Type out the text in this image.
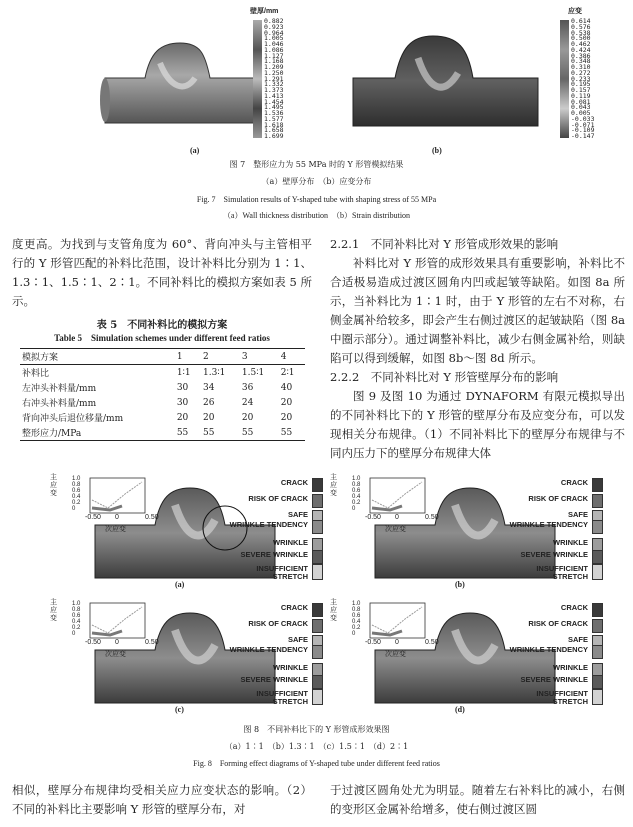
壁厚/mm
0.882
0.923
0.964
1.005
1.046
1.086
1.127
1.168
1.209
1.250
1.291
1.332
1.373
1.413
1.454
1.495
1.536
1.577
1.618
1.658
1.699
(a)
应变
0.614
0.576
0.538
0.500
0.462
0.424
0.386
0.348
0.310
0.272
0.233
0.195
0.157
0.119
0.081
0.043
0.005
-0.033
-0.071
-0.109
-0.147
(b)
图 7　整形应力为 55 MPa 时的 Y 形管模拟结果
（a）壁厚分布　（b）应变分布
Fig. 7　Simulation results of Y-shaped tube with shaping stress of 55 MPa
（a）Wall thickness distribution　（b）Strain distribution
度更高。为找到与支管角度为 60°、背向冲头与主管相平行的 Y 形管匹配的补料比范围，设计补料比分别为 1∶1、1.3∶1、1.5∶1、2∶1。不同补料比的模拟方案如表 5 所示。
表 5　不同补料比的模拟方案
Table 5　Simulation schemes under different feed ratios
模拟方案	1	2	3	4
补料比	1∶1	1.3∶1	1.5∶1	2∶1
左冲头补料量/mm	30	34	36	40
右冲头补料量/mm	30	26	24	20
背向冲头后退位移量/mm	20	20	20	20
整形应力/MPa	55	55	55	55
2.2.1　不同补料比对 Y 形管成形效果的影响
补料比对 Y 形管的成形效果具有重要影响，补料比不合适极易造成过渡区圆角内凹或起皱等缺陷。如图 8a 所示，当补料比为 1∶1 时，由于 Y 形管的左右不对称，右侧金属补给较多，即会产生右侧过渡区的起皱缺陷（图 8a 中圈示部分）。通过调整补料比，减少右侧金属补给，则缺陷可以得到缓解，如图 8b～图 8d 所示。
2.2.2　不同补料比对 Y 形管壁厚分布的影响
图 9 及图 10 为通过 DYNAFORM 有限元模拟导出的不同补料比下的 Y 形管的壁厚分布及应变分布，可以发现相关分布规律。（1）不同补料比下的壁厚分布规律与不同内压力下的壁厚分布规律大体
主应变
1.0
0.8
0.6
0.4
0.2
0
-0.50 0	0.50
次应变
CRACK
RISK OF CRACK
SAFE
WRINKLE TENDENCY
WRINKLE
SEVERE WRINKLE
INSUFFICIENT STRETCH
(a)
主应变
1.0
0.8
0.6
0.4
0.2
0
-0.50 0	0.50
次应变
CRACK
RISK OF CRACK
SAFE
WRINKLE TENDENCY
WRINKLE
SEVERE WRINKLE
INSUFFICIENT STRETCH
(b)
主应变
1.0
0.8
0.6
0.4
0.2
0
-0.50 0	0.50
次应变
CRACK
RISK OF CRACK
SAFE
WRINKLE TENDENCY
WRINKLE
SEVERE WRINKLE
INSUFFICIENT STRETCH
(c)
主应变
1.0
0.8
0.6
0.4
0.2
0
-0.50 0	0.50
次应变
CRACK
RISK OF CRACK
SAFE
WRINKLE TENDENCY
WRINKLE
SEVERE WRINKLE
INSUFFICIENT STRETCH
(d)
图 8　不同补料比下的 Y 形管成形效果图
（a）1∶1　（b）1.3∶1　（c）1.5∶1　（d）2∶1
Fig. 8　Forming effect diagrams of Y-shaped tube under different feed ratios
相似，壁厚分布规律均受相关应力应变状态的影响。（2）不同的补料比主要影响 Y 形管的壁厚分布，对
于过渡区圆角处尤为明显。随着左右补料比的减小，右侧的变形区金属补给增多，使右侧过渡区圆
